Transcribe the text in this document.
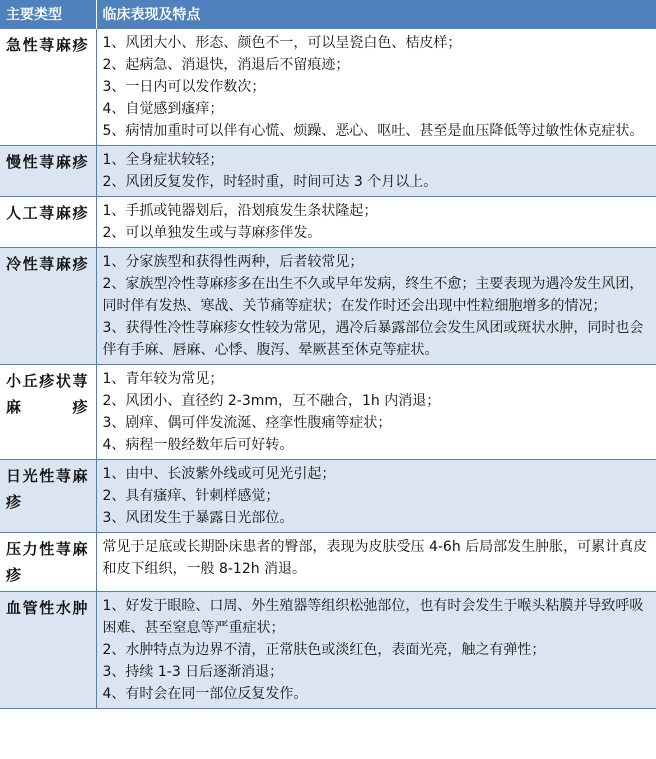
主要类型	临床表现及特点
急性荨麻疹	1、风团大小、形态、颜色不一，可以呈瓷白色、桔皮样；
2、起病急、消退快，消退后不留痕迹；
3、一日内可以发作数次；
4、自觉感到瘙痒；
5、病情加重时可以伴有心慌、烦躁、恶心、呕吐、甚至是血压降低等过敏性休克症状。

慢性荨麻疹	1、全身症状较轻；
2、风团反复发作，时轻时重，时间可达 3 个月以上。

人工荨麻疹	1、手抓或钝器划后，沿划痕发生条状隆起；
2、可以单独发生或与荨麻疹伴发。

冷性荨麻疹	1、分家族型和获得性两种，后者较常见；
2、家族型冷性荨麻疹多在出生不久或早年发病，终生不愈；主要表现为遇冷发生风团，同时伴有发热、寒战、关节痛等症状；在发作时还会出现中性粒细胞增多的情况；
3、获得性冷性荨麻疹女性较为常见，遇冷后暴露部位会发生风团或斑状水肿，同时也会伴有手麻、唇麻、心悸、腹泻、晕厥甚至休克等症状。

小丘疹状荨麻疹	1、青年较为常见；
2、风团小、直径约 2-3mm，互不融合，1h 内消退；
3、剧痒、偶可伴发流涎、痉挛性腹痛等症状；
4、病程一般经数年后可好转。

日光性荨麻疹	1、由中、长波紫外线或可见光引起；
2、具有瘙痒、针刺样感觉；
3、风团发生于暴露日光部位。

压力性荨麻疹	常见于足底或长期卧床患者的臀部，表现为皮肤受压 4-6h 后局部发生肿胀，可累计真皮和皮下组织，一般 8-12h 消退。

血管性水肿	1、好发于眼睑、口周、外生殖器等组织松弛部位，也有时会发生于喉头粘膜并导致呼吸困难、甚至窒息等严重症状；
2、水肿特点为边界不清，正常肤色或淡红色，表面光亮，触之有弹性；
3、持续 1-3 日后逐渐消退；
4、有时会在同一部位反复发作。
